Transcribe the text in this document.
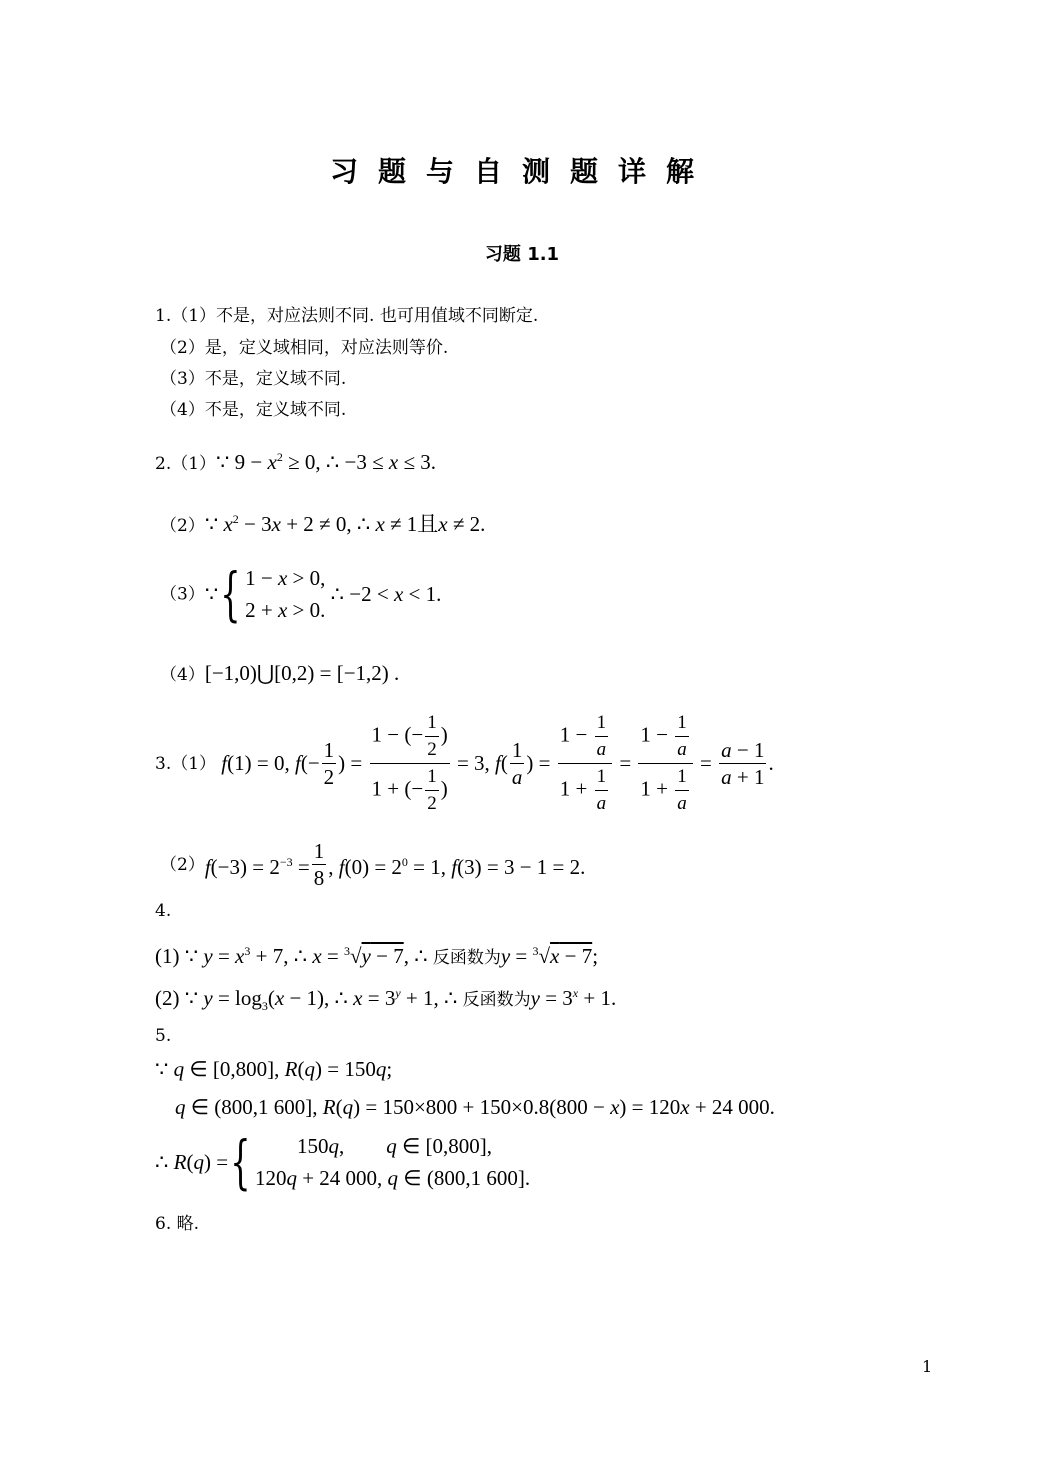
习题与自测题详解
习题 1.1
1.（1）不是，对应法则不同. 也可用值域不同断定.
（2）是，定义域相同，对应法则等价.
（3）不是，定义域不同.
（4）不是，定义域不同.
2.（1）∵ $9 - x^2 \ge 0$, ∴ −3 ≤ x ≤ 3.
（2）∵ $x^2 - 3x + 2 \ne 0$, ∴ x ≠ 1且x ≠ 2.
（3）∵{ 1 − x > 0,
2 + x > 0.
∴ −2 < x < 1.
（4）[−1,0)⋃[0,2) = [−1,2) .
3.（1） f(1) = 0, $f(- \frac{1}{2}$ ) = $\frac{1 - (- \frac{1}{2} )}{1 + (- \frac{1}{2} )} = 3$, $f( \frac{1}{a}$ ) = $\frac{1 - \frac{1}{a}}{1 + \frac{1}{a}} = \frac{1 - \frac{1}{a}}{1 + \frac{1}{a}} = \frac{a - 1}{a + 1}$ .
$(2)f(-3) = 2^{-3} = \frac{1}{8}$ , $f(0) = 2^0 = 1$, f(3) = 3 − 1 = 2.
4.
(1) ∵ $y = x^3 + 7$, ∴ x = $^3$√y − 7, ∴ 反函数为y = $^3$√x − 7;
(2) ∵ $y = \log_3(x - 1)$, ∴ $x = 3^y + 1$, ∴ 反函数为$y = 3^x + 1$.
5.
∵ q ∈ [0,800], R(q) = 150q;
q ∈ (800,1 600], R(q) = 150×800 + 150×0.8(800 − x) = 120x + 24 000.
∴ R(q) ={ 150q,        q ∈ [0,800],
120q + 24 000, q ∈ (800,1 600].
6. 略.
1
